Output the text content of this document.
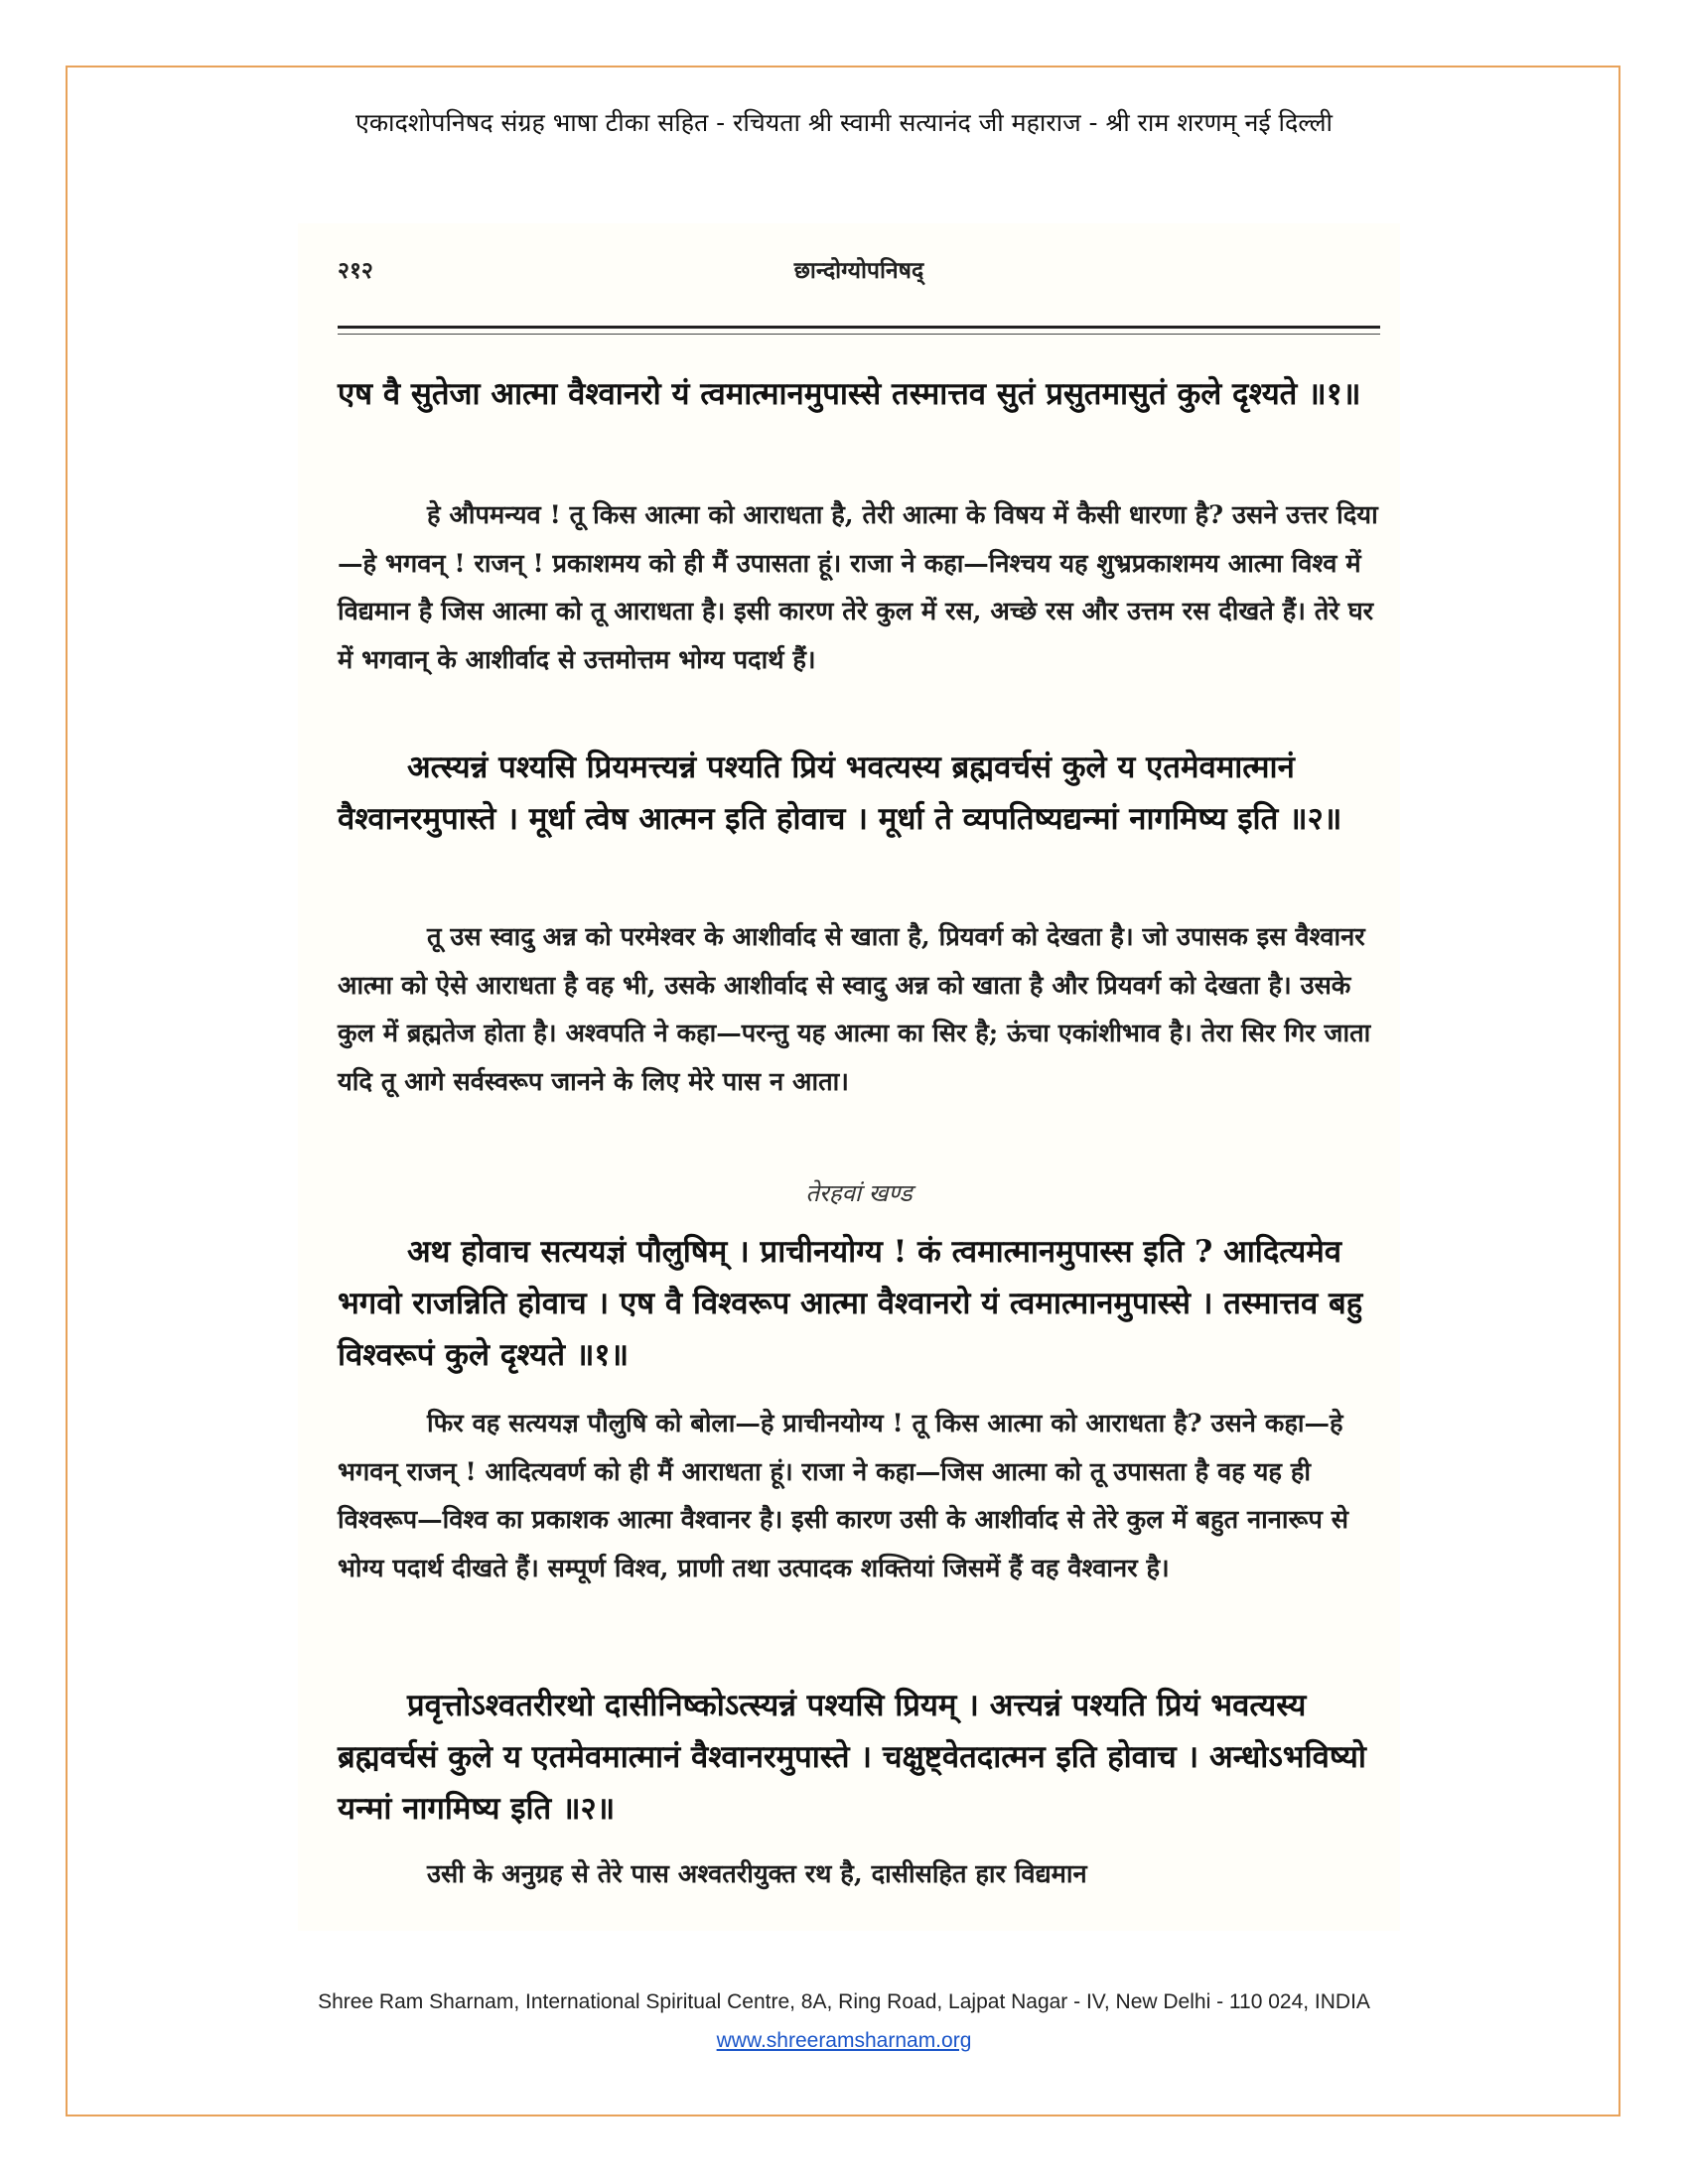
एकादशोपनिषद संग्रह भाषा टीका सहित - रचियता श्री स्वामी सत्यानंद जी महाराज - श्री राम शरणम् नई दिल्ली
२१२	छान्दोग्योपनिषद्
एष वै सुतेजा आत्मा वैश्वानरो यं त्वमात्मानमुपास्से तस्मात्तव सुतं प्रसुतमासुतं कुले दृश्यते ॥१॥
हे औपमन्यव ! तू किस आत्मा को आराधता है, तेरी आत्मा के विषय में कैसी धारणा है? उसने उत्तर दिया—हे भगवन् ! राजन् ! प्रकाशमय को ही मैं उपासता हूं। राजा ने कहा—निश्चय यह शुभ्रप्रकाशमय आत्मा विश्व में विद्यमान है जिस आत्मा को तू आराधता है। इसी कारण तेरे कुल में रस, अच्छे रस और उत्तम रस दीखते हैं। तेरे घर में भगवान् के आशीर्वाद से उत्तमोत्तम भोग्य पदार्थ हैं।
अत्स्यन्नं पश्यसि प्रियमत्त्यन्नं पश्यति प्रियं भवत्यस्य ब्रह्मवर्चसं कुले य एतमेवमात्मानं वैश्वानरमुपास्ते । मूर्धा त्वेष आत्मन इति होवाच । मूर्धा ते व्यपतिष्यद्यन्मां नागमिष्य इति ॥२॥
तू उस स्वादु अन्न को परमेश्वर के आशीर्वाद से खाता है, प्रियवर्ग को देखता है। जो उपासक इस वैश्वानर आत्मा को ऐसे आराधता है वह भी, उसके आशीर्वाद से स्वादु अन्न को खाता है और प्रियवर्ग को देखता है। उसके कुल में ब्रह्मतेज होता है। अश्वपति ने कहा—परन्तु यह आत्मा का सिर है; ऊंचा एकांशीभाव है। तेरा सिर गिर जाता यदि तू आगे सर्वस्वरूप जानने के लिए मेरे पास न आता।
तेरहवां खण्ड
अथ होवाच सत्ययज्ञं पौलुषिम् । प्राचीनयोग्य ! कं त्वमात्मानमुपास्स इति ? आदित्यमेव भगवो राजन्निति होवाच । एष वै विश्वरूप आत्मा वैश्वानरो यं त्वमात्मानमुपास्से । तस्मात्तव बहु विश्वरूपं कुले दृश्यते ॥१॥
फिर वह सत्ययज्ञ पौलुषि को बोला—हे प्राचीनयोग्य ! तू किस आत्मा को आराधता है? उसने कहा—हे भगवन् राजन् ! आदित्यवर्ण को ही मैं आराधता हूं। राजा ने कहा—जिस आत्मा को तू उपासता है वह यह ही विश्वरूप—विश्व का प्रकाशक आत्मा वैश्वानर है। इसी कारण उसी के आशीर्वाद से तेरे कुल में बहुत नानारूप से भोग्य पदार्थ दीखते हैं। सम्पूर्ण विश्व, प्राणी तथा उत्पादक शक्तियां जिसमें हैं वह वैश्वानर है।
प्रवृत्तोऽश्वतरीरथो दासीनिष्कोऽत्स्यन्नं पश्यसि प्रियम् । अत्त्यन्नं पश्यति प्रियं भवत्यस्य ब्रह्मवर्चसं कुले य एतमेवमात्मानं वैश्वानरमुपास्ते । चक्षुष्ट्वेतदात्मन इति होवाच । अन्धोऽभविष्यो यन्मां नागमिष्य इति ॥२॥
उसी के अनुग्रह से तेरे पास अश्वतरीयुक्त रथ है, दासीसहित हार विद्यमान
Shree Ram Sharnam, International Spiritual Centre, 8A, Ring Road, Lajpat Nagar - IV, New Delhi - 110 024, INDIA
www.shreeramsharnam.org
